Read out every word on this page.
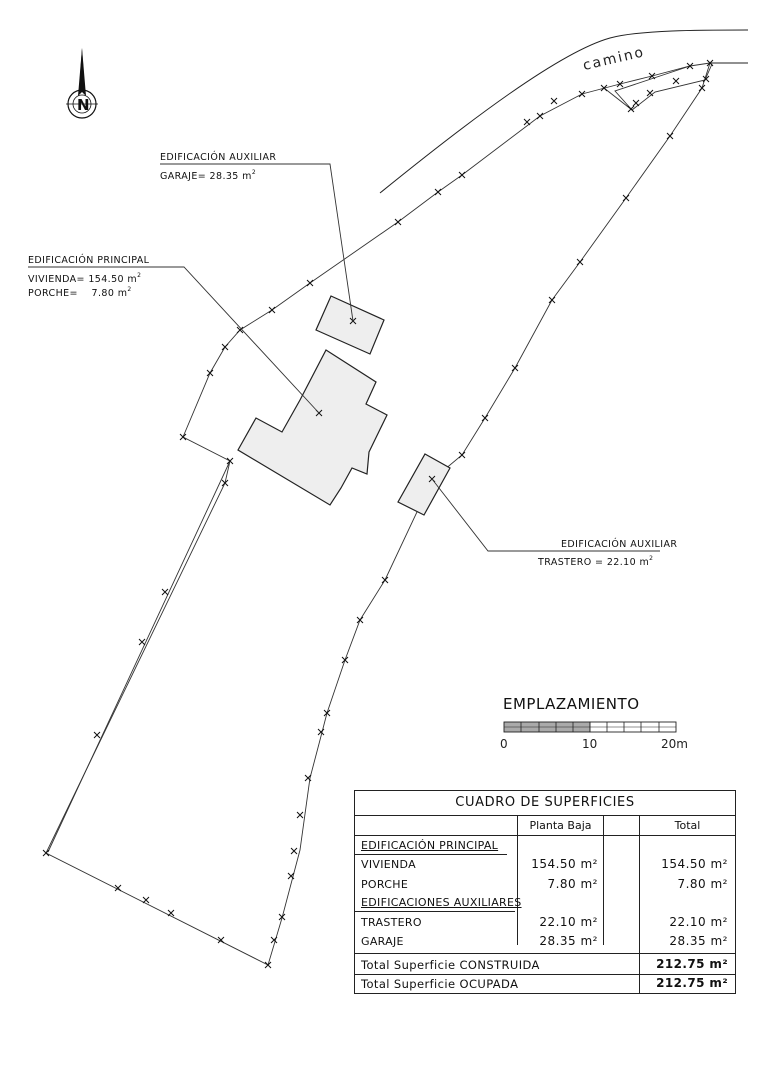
N
camino
EDIFICACIÓN AUXILIAR
GARAJE= 28.35 $m^2$
EDIFICACIÓN PRINCIPAL
VIVIENDA= 154.50 $m^2$
PORCHE=    7.80 $m^2$
EDIFICACIÓN AUXILIAR
TRASTERO = 22.10 $m^2$
EMPLAZAMIENTO
0	10	20m
CUADRO DE SUPERFICIES
Planta Baja	Total
EDIFICACIÓN PRINCIPAL
VIVIENDA	154.50 m²	154.50 m²
PORCHE	7.80 m²	7.80 m²
EDIFICACIONES AUXILIARES
TRASTERO	22.10 m²	22.10 m²
GARAJE	28.35 m²	28.35 m²
Total Superficie CONSTRUIDA	212.75 m²
Total Superficie OCUPADA	212.75 m²
